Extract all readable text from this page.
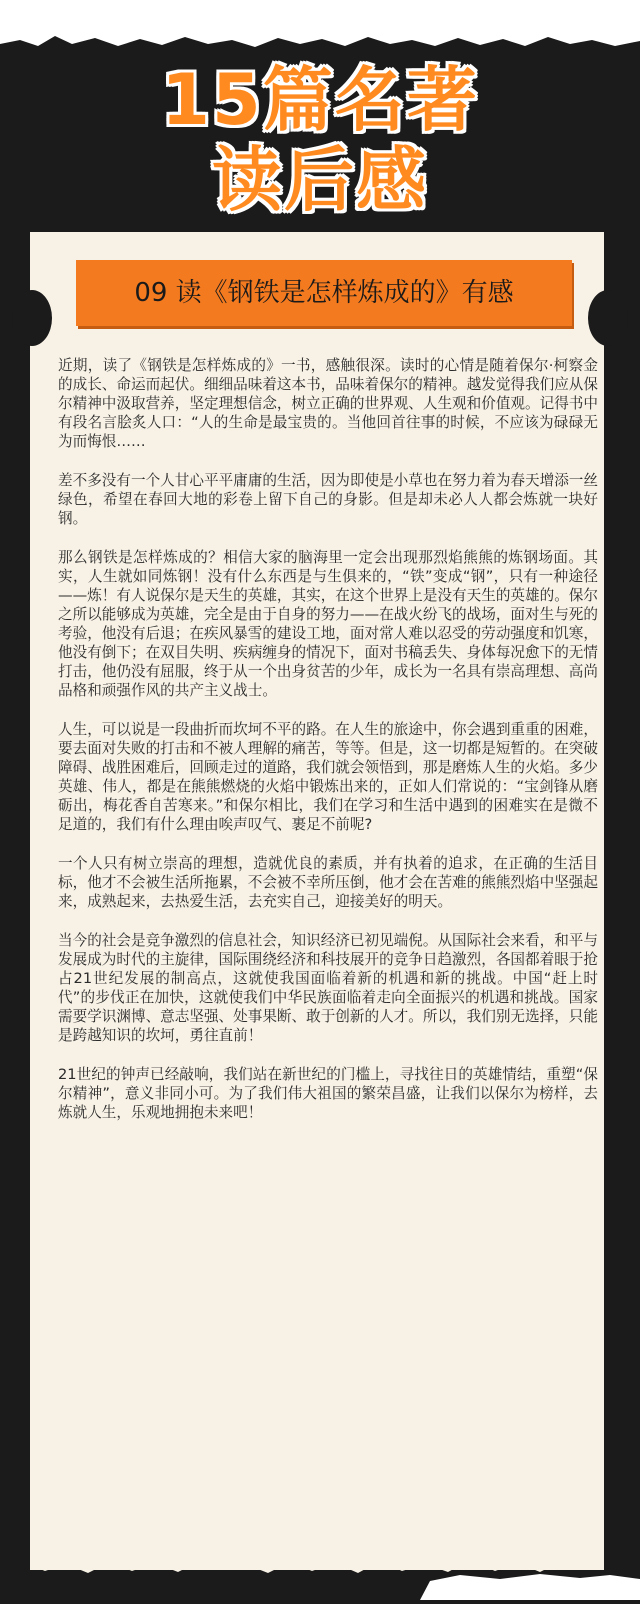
15篇名著
读后感
09 读《钢铁是怎样炼成的》有感

近期，读了《钢铁是怎样炼成的》一书，感触很深。读时的心情是随着保尔·柯察金的成长、命运而起伏。细细品味着这本书，品味着保尔的精神。越发觉得我们应从保尔精神中汲取营养，坚定理想信念，树立正确的世界观、人生观和价值观。记得书中有段名言脍炙人口：“人的生命是最宝贵的。当他回首往事的时候，不应该为碌碌无为而悔恨……

差不多没有一个人甘心平平庸庸的生活，因为即使是小草也在努力着为春天增添一丝绿色，希望在春回大地的彩卷上留下自己的身影。但是却未必人人都会炼就一块好钢。

那么钢铁是怎样炼成的？相信大家的脑海里一定会出现那烈焰熊熊的炼钢场面。其实，人生就如同炼钢！没有什么东西是与生俱来的，“铁”变成“钢”，只有一种途径——炼！有人说保尔是天生的英雄，其实，在这个世界上是没有天生的英雄的。保尔之所以能够成为英雄，完全是由于自身的努力——在战火纷飞的战场，面对生与死的考验，他没有后退；在疾风暴雪的建设工地，面对常人难以忍受的劳动强度和饥寒，他没有倒下；在双目失明、疾病缠身的情况下，面对书稿丢失、身体每况愈下的无情打击，他仍没有屈服，终于从一个出身贫苦的少年，成长为一名具有崇高理想、高尚品格和顽强作风的共产主义战士。

人生，可以说是一段曲折而坎坷不平的路。在人生的旅途中，你会遇到重重的困难，要去面对失败的打击和不被人理解的痛苦，等等。但是，这一切都是短暂的。在突破障碍、战胜困难后，回顾走过的道路，我们就会领悟到，那是磨炼人生的火焰。多少英雄、伟人，都是在熊熊燃烧的火焰中锻炼出来的，正如人们常说的：“宝剑锋从磨砺出，梅花香自苦寒来。”和保尔相比，我们在学习和生活中遇到的困难实在是微不足道的，我们有什么理由唉声叹气、裹足不前呢?

一个人只有树立崇高的理想，造就优良的素质，并有执着的追求，在正确的生活目标，他才不会被生活所拖累，不会被不幸所压倒，他才会在苦难的熊熊烈焰中坚强起来，成熟起来，去热爱生活，去充实自己，迎接美好的明天。

当今的社会是竞争激烈的信息社会，知识经济已初见端倪。从国际社会来看，和平与发展成为时代的主旋律，国际围绕经济和科技展开的竞争日趋激烈，各国都着眼于抢占21世纪发展的制高点，这就使我国面临着新的机遇和新的挑战。中国“赶上时代”的步伐正在加快，这就使我们中华民族面临着走向全面振兴的机遇和挑战。国家需要学识渊博、意志坚强、处事果断、敢于创新的人才。所以，我们别无选择，只能是跨越知识的坎坷，勇往直前！

21世纪的钟声已经敲响，我们站在新世纪的门槛上，寻找往日的英雄情结，重塑“保尔精神”，意义非同小可。为了我们伟大祖国的繁荣昌盛，让我们以保尔为榜样，去炼就人生，乐观地拥抱未来吧！
